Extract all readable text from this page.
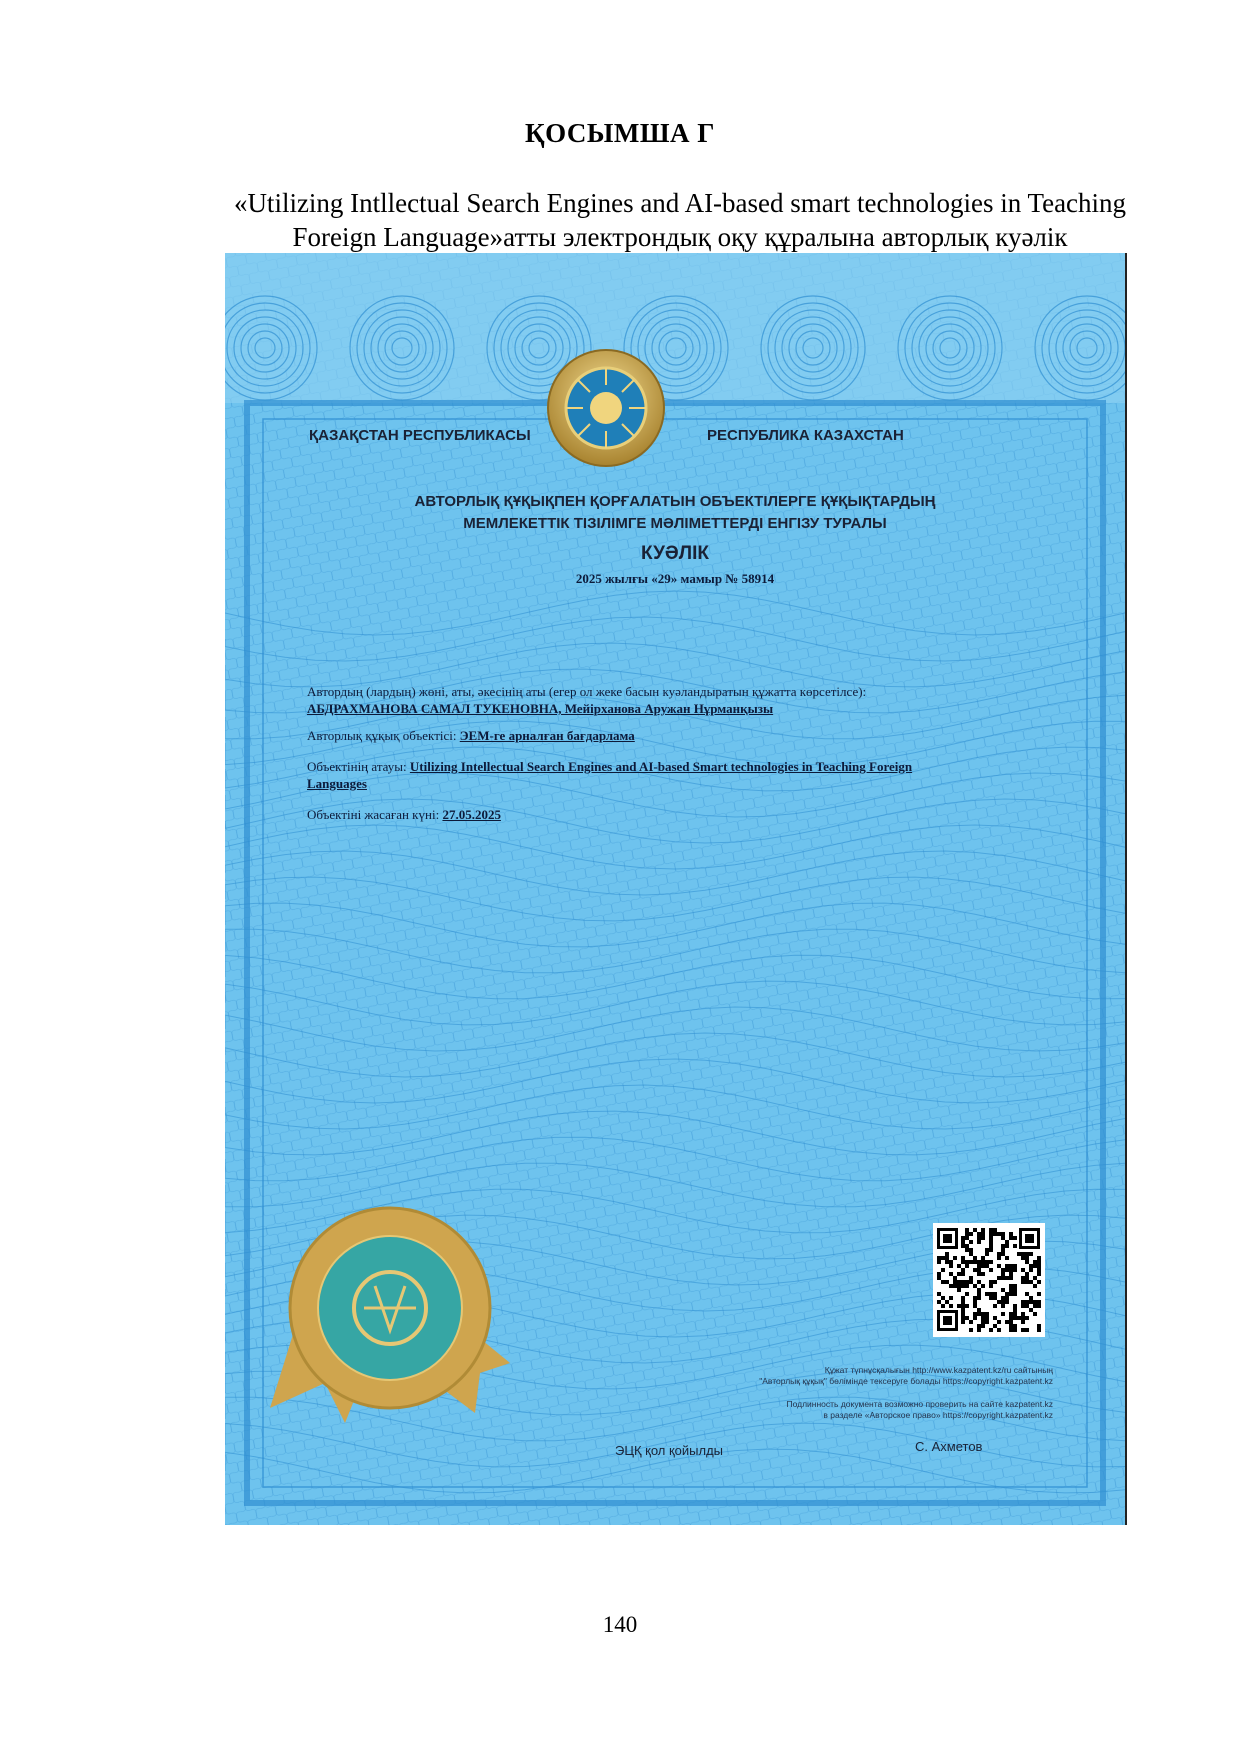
ҚОСЫМША Г
«Utilizing Intllectual Search Engines and AI-based smart technologies in Teaching
Foreign Language»атты электрондық оқу құралына авторлық куәлік
ҚАЗАҚСТАН РЕСПУБЛИКАСЫ	РЕСПУБЛИКА КАЗАХСТАН
АВТОРЛЫҚ ҚҰҚЫҚПЕН ҚОРҒАЛАТЫН ОБЪЕКТІЛЕРГЕ ҚҰҚЫҚТАРДЫҢ
МЕМЛЕКЕТТІК ТІЗІЛІМГЕ МӘЛІМЕТТЕРДІ ЕНГІЗУ ТУРАЛЫ
КУӘЛІК
2025 жылғы «29» мамыр № 58914

Автордың (лардың) жөні, аты, әкесінің аты (егер ол жеке басын куәландыратын құжатта көрсетілсе):
АБДРАХМАНОВА САМАЛ ТУКЕНОВНА, Мейірханова Аружан Нұрманқызы

Авторлық құқық объектісі: ЭЕМ-ге арналған бағдарлама

Объектінің атауы: Utilizing Intellectual Search Engines and AI-based Smart technologies in Teaching Foreign
Languages

Объектіні жасаған күні: 27.05.2025

Құжат түпнұсқалығын http://www.kazpatent.kz/ru сайтының
"Авторлық құқық" бөлімінде тексеруге болады https://copyright.kazpatent.kz
Подлинность документа возможно проверить на сайте kazpatent.kz
в разделе «Авторское право» https://copyright.kazpatent.kz
ЭЦҚ қол қойылды	С. Ахметов
140
